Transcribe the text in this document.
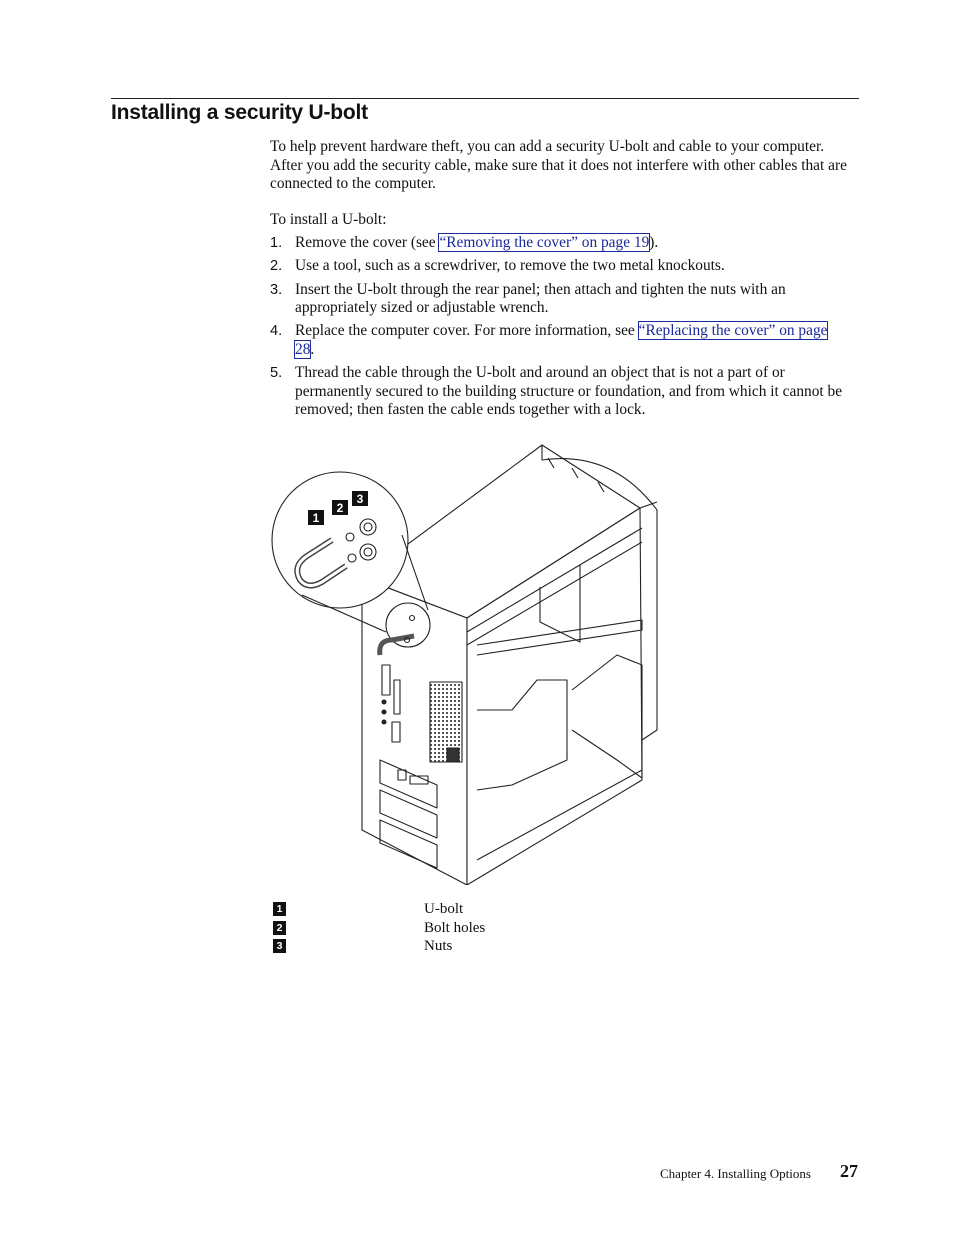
Installing a security U-bolt

To help prevent hardware theft, you can add a security U-bolt and cable to your computer. After you add the security cable, make sure that it does not interfere with other cables that are connected to the computer.

To install a U-bolt:

1. Remove the cover (see “Removing the cover” on page 19).
2. Use a tool, such as a screwdriver, to remove the two metal knockouts.
3. Insert the U-bolt through the rear panel; then attach and tighten the nuts with an appropriately sized or adjustable wrench.
4. Replace the computer cover. For more information, see “Replacing the cover” on page 28.
5. Thread the cable through the U-bolt and around an object that is not a part of or permanently secured to the building structure or foundation, and from which it cannot be removed; then fasten the cable ends together with a lock.
1
2
3
1	U-bolt
2	Bolt holes
3	Nuts
Chapter 4. Installing Options 27
